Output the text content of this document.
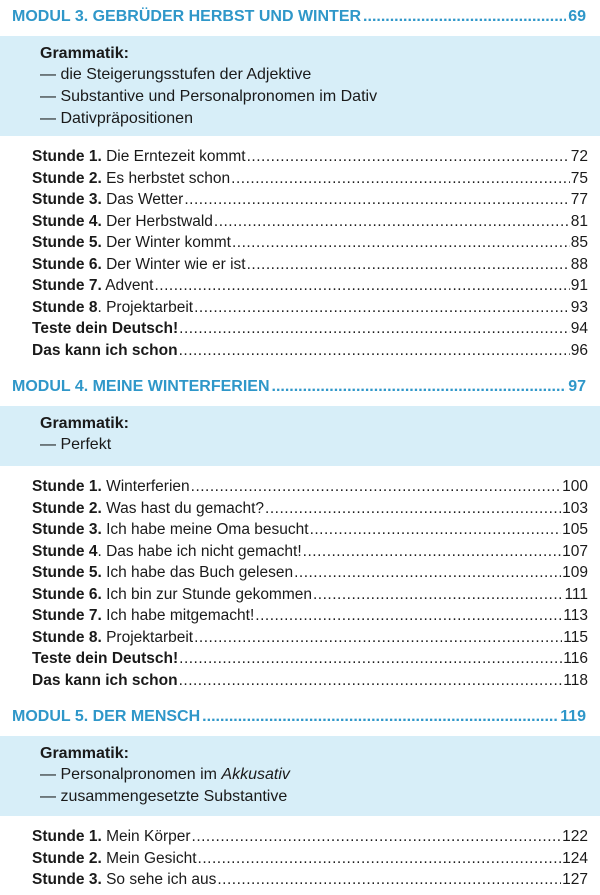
MODUL 3. GEBRÜDER HERBST UND WINTER .....	69
Grammatik:
— die Steigerungsstufen der Adjektive
— Substantive und Personalpronomen im Dativ
— Dativpräpositionen
Stunde 1. Die Erntezeit kommt .....	72
Stunde 2. Es herbstet schon .....	75
Stunde 3. Das Wetter .....	77
Stunde 4. Der Herbstwald .....	81
Stunde 5. Der Winter kommt .....	85
Stunde 6. Der Winter wie er ist .....	88
Stunde 7. Advent .....	91
Stunde 8. Projektarbeit .....	93
Teste dein Deutsch! .....	94
Das kann ich schon .....	96
MODUL 4. MEINE WINTERFERIEN .....	97
Grammatik:
— Perfekt
Stunde 1. Winterferien .....	100
Stunde 2. Was hast du gemacht? .....	103
Stunde 3. Ich habe meine Oma besucht .....	105
Stunde 4. Das habe ich nicht gemacht! .....	107
Stunde 5. Ich habe das Buch gelesen .....	109
Stunde 6. Ich bin zur Stunde gekommen .....	111
Stunde 7. Ich habe mitgemacht! .....	113
Stunde 8. Projektarbeit .....	115
Teste dein Deutsch! .....	116
Das kann ich schon .....	118
MODUL 5. DER MENSCH .....	119
Grammatik:
— Personalpronomen im Akkusativ
— zusammengesetzte Substantive
Stunde 1. Mein Körper .....	122
Stunde 2. Mein Gesicht .....	124
Stunde 3. So sehe ich aus .....	127
